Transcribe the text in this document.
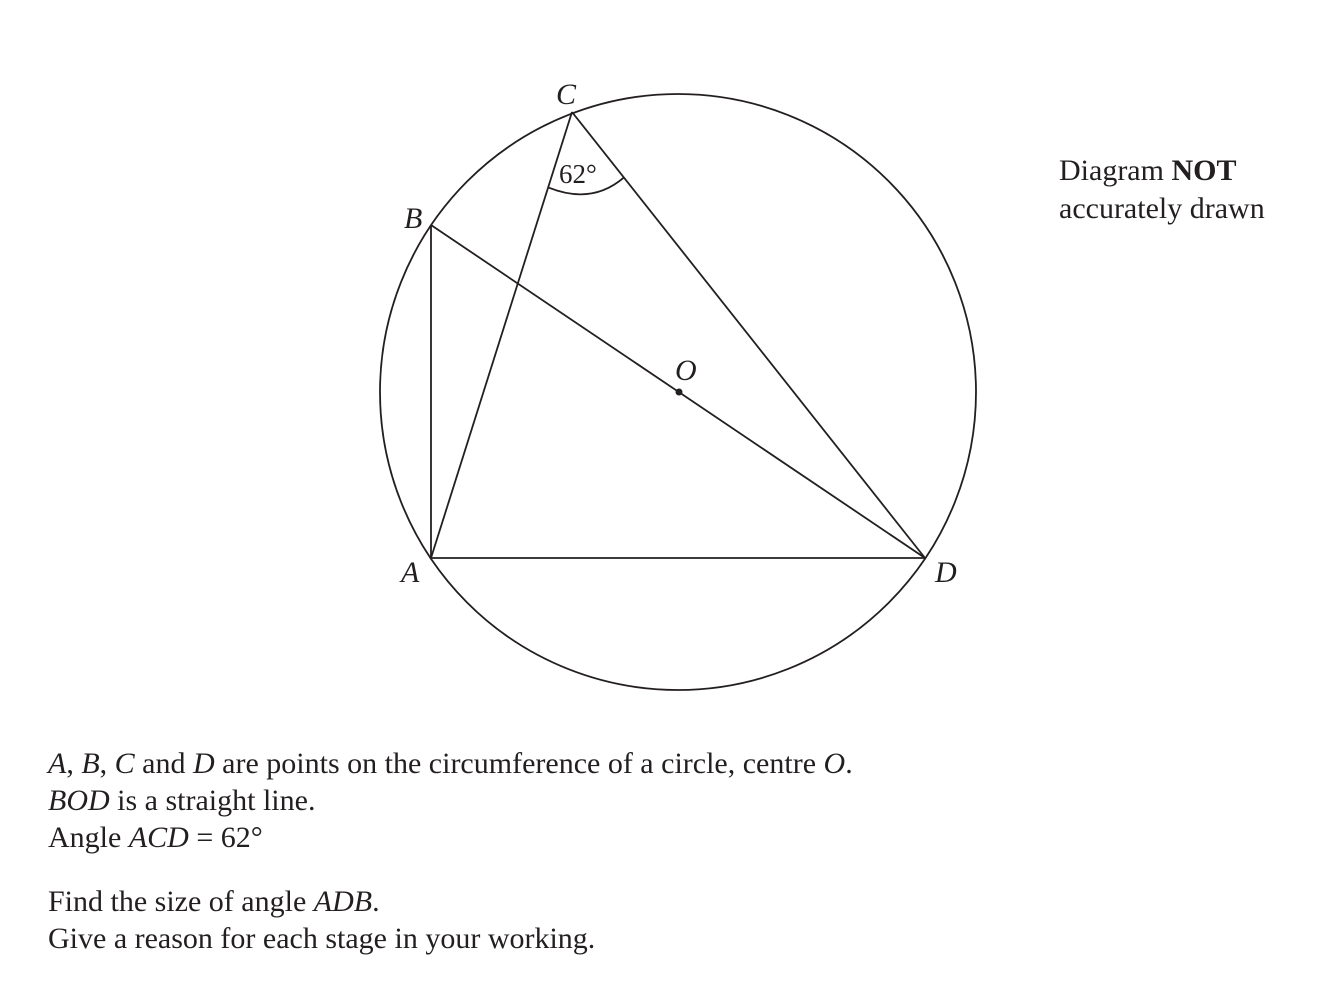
C
B
A	D
O
62°	Diagram NOT
accurately drawn
A, B, C and D are points on the circumference of a circle, centre O.
BOD is a straight line.
Angle ACD = 62°
Find the size of angle ADB.
Give a reason for each stage in your working.
